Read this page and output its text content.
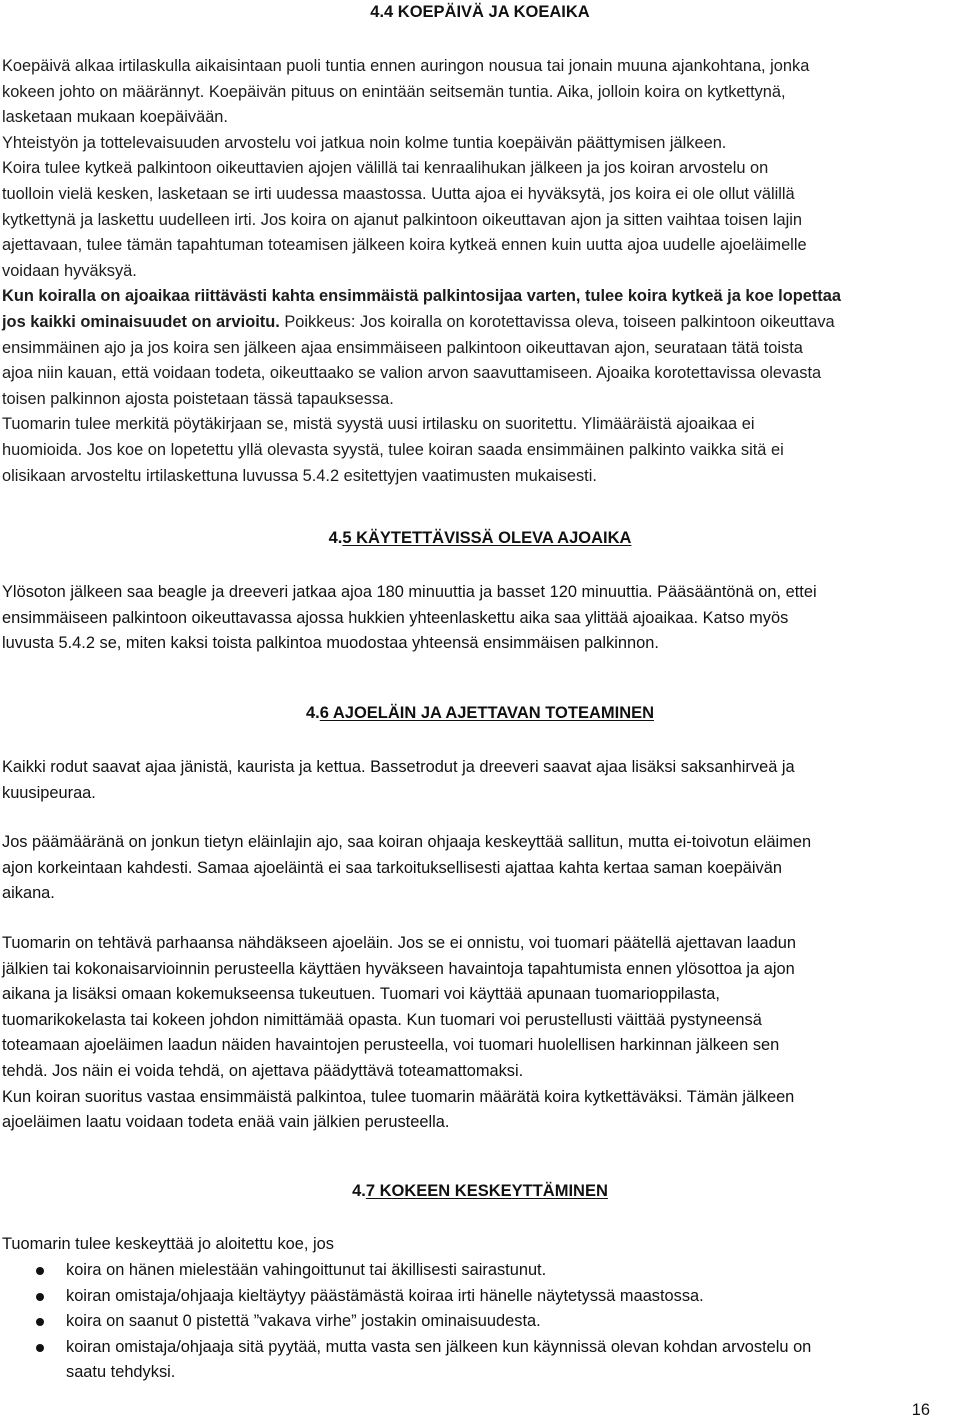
4.4 KOEPÄIVÄ JA KOEAIKA
Koepäivä alkaa irtilaskulla aikaisintaan puoli tuntia ennen auringon nousua tai jonain muuna ajankohtana, jonka
kokeen johto on määrännyt. Koepäivän pituus on enintään seitsemän tuntia. Aika, jolloin koira on kytkettynä,
lasketaan mukaan koepäivään.
Yhteistyön ja tottelevaisuuden arvostelu voi jatkua noin kolme tuntia koepäivän päättymisen jälkeen.
Koira tulee kytkeä palkintoon oikeuttavien ajojen välillä tai kenraalihukan jälkeen ja jos koiran arvostelu on
tuolloin vielä kesken, lasketaan se irti uudessa maastossa. Uutta ajoa ei hyväksytä, jos koira ei ole ollut välillä
kytkettynä ja laskettu uudelleen irti. Jos koira on ajanut palkintoon oikeuttavan ajon ja sitten vaihtaa toisen lajin
ajettavaan, tulee tämän tapahtuman toteamisen jälkeen koira kytkeä ennen kuin uutta ajoa uudelle ajoeläimelle
voidaan hyväksyä.
Kun koiralla on ajoaikaa riittävästi kahta ensimmäistä palkintosijaa varten, tulee koira kytkeä ja koe lopettaa
jos kaikki ominaisuudet on arvioitu. Poikkeus: Jos koiralla on korotettavissa oleva, toiseen palkintoon oikeuttava
ensimmäinen ajo ja jos koira sen jälkeen ajaa ensimmäiseen palkintoon oikeuttavan ajon, seurataan tätä toista
ajoa niin kauan, että voidaan todeta, oikeuttaako se valion arvon saavuttamiseen. Ajoaika korotettavissa olevasta
toisen palkinnon ajosta poistetaan tässä tapauksessa.
Tuomarin tulee merkitä pöytäkirjaan se, mistä syystä uusi irtilasku on suoritettu. Ylimääräistä ajoaikaa ei
huomioida. Jos koe on lopetettu yllä olevasta syystä, tulee koiran saada ensimmäinen palkinto vaikka sitä ei
olisikaan arvosteltu irtilaskettuna luvussa 5.4.2 esitettyjen vaatimusten mukaisesti.
4.5 KÄYTETTÄVISSÄ OLEVA AJOAIKA
Ylösoton jälkeen saa beagle ja dreeveri jatkaa ajoa 180 minuuttia ja basset 120 minuuttia. Pääsääntönä on, ettei
ensimmäiseen palkintoon oikeuttavassa ajossa hukkien yhteenlaskettu aika saa ylittää ajoaikaa. Katso myös
luvusta 5.4.2 se, miten kaksi toista palkintoa muodostaa yhteensä ensimmäisen palkinnon.
4.6 AJOELÄIN JA AJETTAVAN TOTEAMINEN
Kaikki rodut saavat ajaa jänistä, kaurista ja kettua. Bassetrodut ja dreeveri saavat ajaa lisäksi saksanhirveä ja
kuusipeuraa.
Jos päämääränä on jonkun tietyn eläinlajin ajo, saa koiran ohjaaja keskeyttää sallitun, mutta ei-toivotun eläimen
ajon korkeintaan kahdesti. Samaa ajoeläintä ei saa tarkoituksellisesti ajattaa kahta kertaa saman koepäivän
aikana.
Tuomarin on tehtävä parhaansa nähdäkseen ajoeläin. Jos se ei onnistu, voi tuomari päätellä ajettavan laadun
jälkien tai kokonaisarvioinnin perusteella käyttäen hyväkseen havaintoja tapahtumista ennen ylösottoa ja ajon
aikana ja lisäksi omaan kokemukseensa tukeutuen. Tuomari voi käyttää apunaan tuomarioppilasta,
tuomarikokelasta tai kokeen johdon nimittämää opasta. Kun tuomari voi perustellusti väittää pystyneensä
toteamaan ajoeläimen laadun näiden havaintojen perusteella, voi tuomari huolellisen harkinnan jälkeen sen
tehdä. Jos näin ei voida tehdä, on ajettava päädyttävä toteamattomaksi.
Kun koiran suoritus vastaa ensimmäistä palkintoa, tulee tuomarin määrätä koira kytkettäväksi. Tämän jälkeen
ajoeläimen laatu voidaan todeta enää vain jälkien perusteella.
4.7 KOKEEN KESKEYTTÄMINEN
Tuomarin tulee keskeyttää jo aloitettu koe, jos
koira on hänen mielestään vahingoittunut tai äkillisesti sairastunut.
koiran omistaja/ohjaaja kieltäytyy päästämästä koiraa irti hänelle näytetyssä maastossa.
koira on saanut 0 pistettä ”vakava virhe” jostakin ominaisuudesta.
koiran omistaja/ohjaaja sitä pyytää, mutta vasta sen jälkeen kun käynnissä olevan kohdan arvostelu on
saatu tehdyksi.
16
